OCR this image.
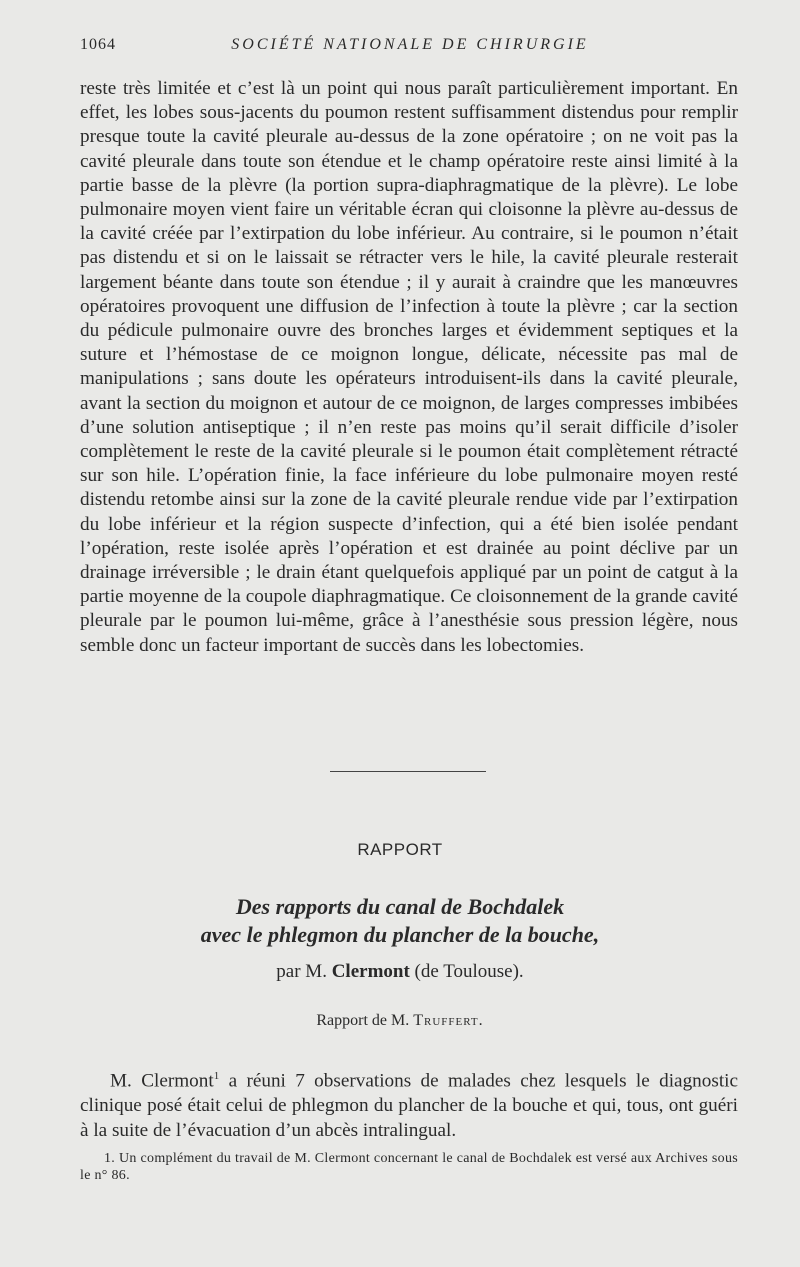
1064	SOCIÉTÉ NATIONALE DE CHIRURGIE

reste très limitée et c’est là un point qui nous paraît particulièrement important. En effet, les lobes sous-jacents du poumon restent suffisamment distendus pour remplir presque toute la cavité pleurale au-dessus de la zone opératoire ; on ne voit pas la cavité pleurale dans toute son étendue et le champ opératoire reste ainsi limité à la partie basse de la plèvre (la portion supra-diaphragmatique de la plèvre). Le lobe pulmonaire moyen vient faire un véritable écran qui cloisonne la plèvre au-dessus de la cavité créée par l’extirpation du lobe inférieur. Au contraire, si le poumon n’était pas distendu et si on le laissait se rétracter vers le hile, la cavité pleurale resterait largement béante dans toute son étendue ; il y aurait à craindre que les manœuvres opératoires provoquent une diffusion de l’infection à toute la plèvre ; car la section du pédicule pulmonaire ouvre des bronches larges et évidemment septiques et la suture et l’hémostase de ce moignon longue, délicate, nécessite pas mal de manipulations ; sans doute les opérateurs introduisent-ils dans la cavité pleurale, avant la section du moignon et autour de ce moignon, de larges compresses imbibées d’une solution antiseptique ; il n’en reste pas moins qu’il serait difficile d’isoler complètement le reste de la cavité pleurale si le poumon était complètement rétracté sur son hile. L’opération finie, la face inférieure du lobe pulmonaire moyen resté distendu retombe ainsi sur la zone de la cavité pleurale rendue vide par l’extirpation du lobe inférieur et la région suspecte d’infection, qui a été bien isolée pendant l’opération, reste isolée après l’opération et est drainée au point déclive par un drainage irréversible ; le drain étant quelquefois appliqué par un point de catgut à la partie moyenne de la coupole diaphragmatique. Ce cloisonnement de la grande cavité pleurale par le poumon lui-même, grâce à l’anesthésie sous pression légère, nous semble donc un facteur important de succès dans les lobectomies.

RAPPORT
Des rapports du canal de Bochdalek
avec le phlegmon du plancher de la bouche,
par M. Clermont (de Toulouse).
Rapport de M. Truffert.
M. Clermont$^1$ a réuni 7 observations de malades chez lesquels le diagnostic clinique posé était celui de phlegmon du plancher de la bouche et qui, tous, ont guéri à la suite de l’évacuation d’un abcès intralingual.
1. Un complément du travail de M. Clermont concernant le canal de Bochdalek est versé aux Archives sous le n° 86.
